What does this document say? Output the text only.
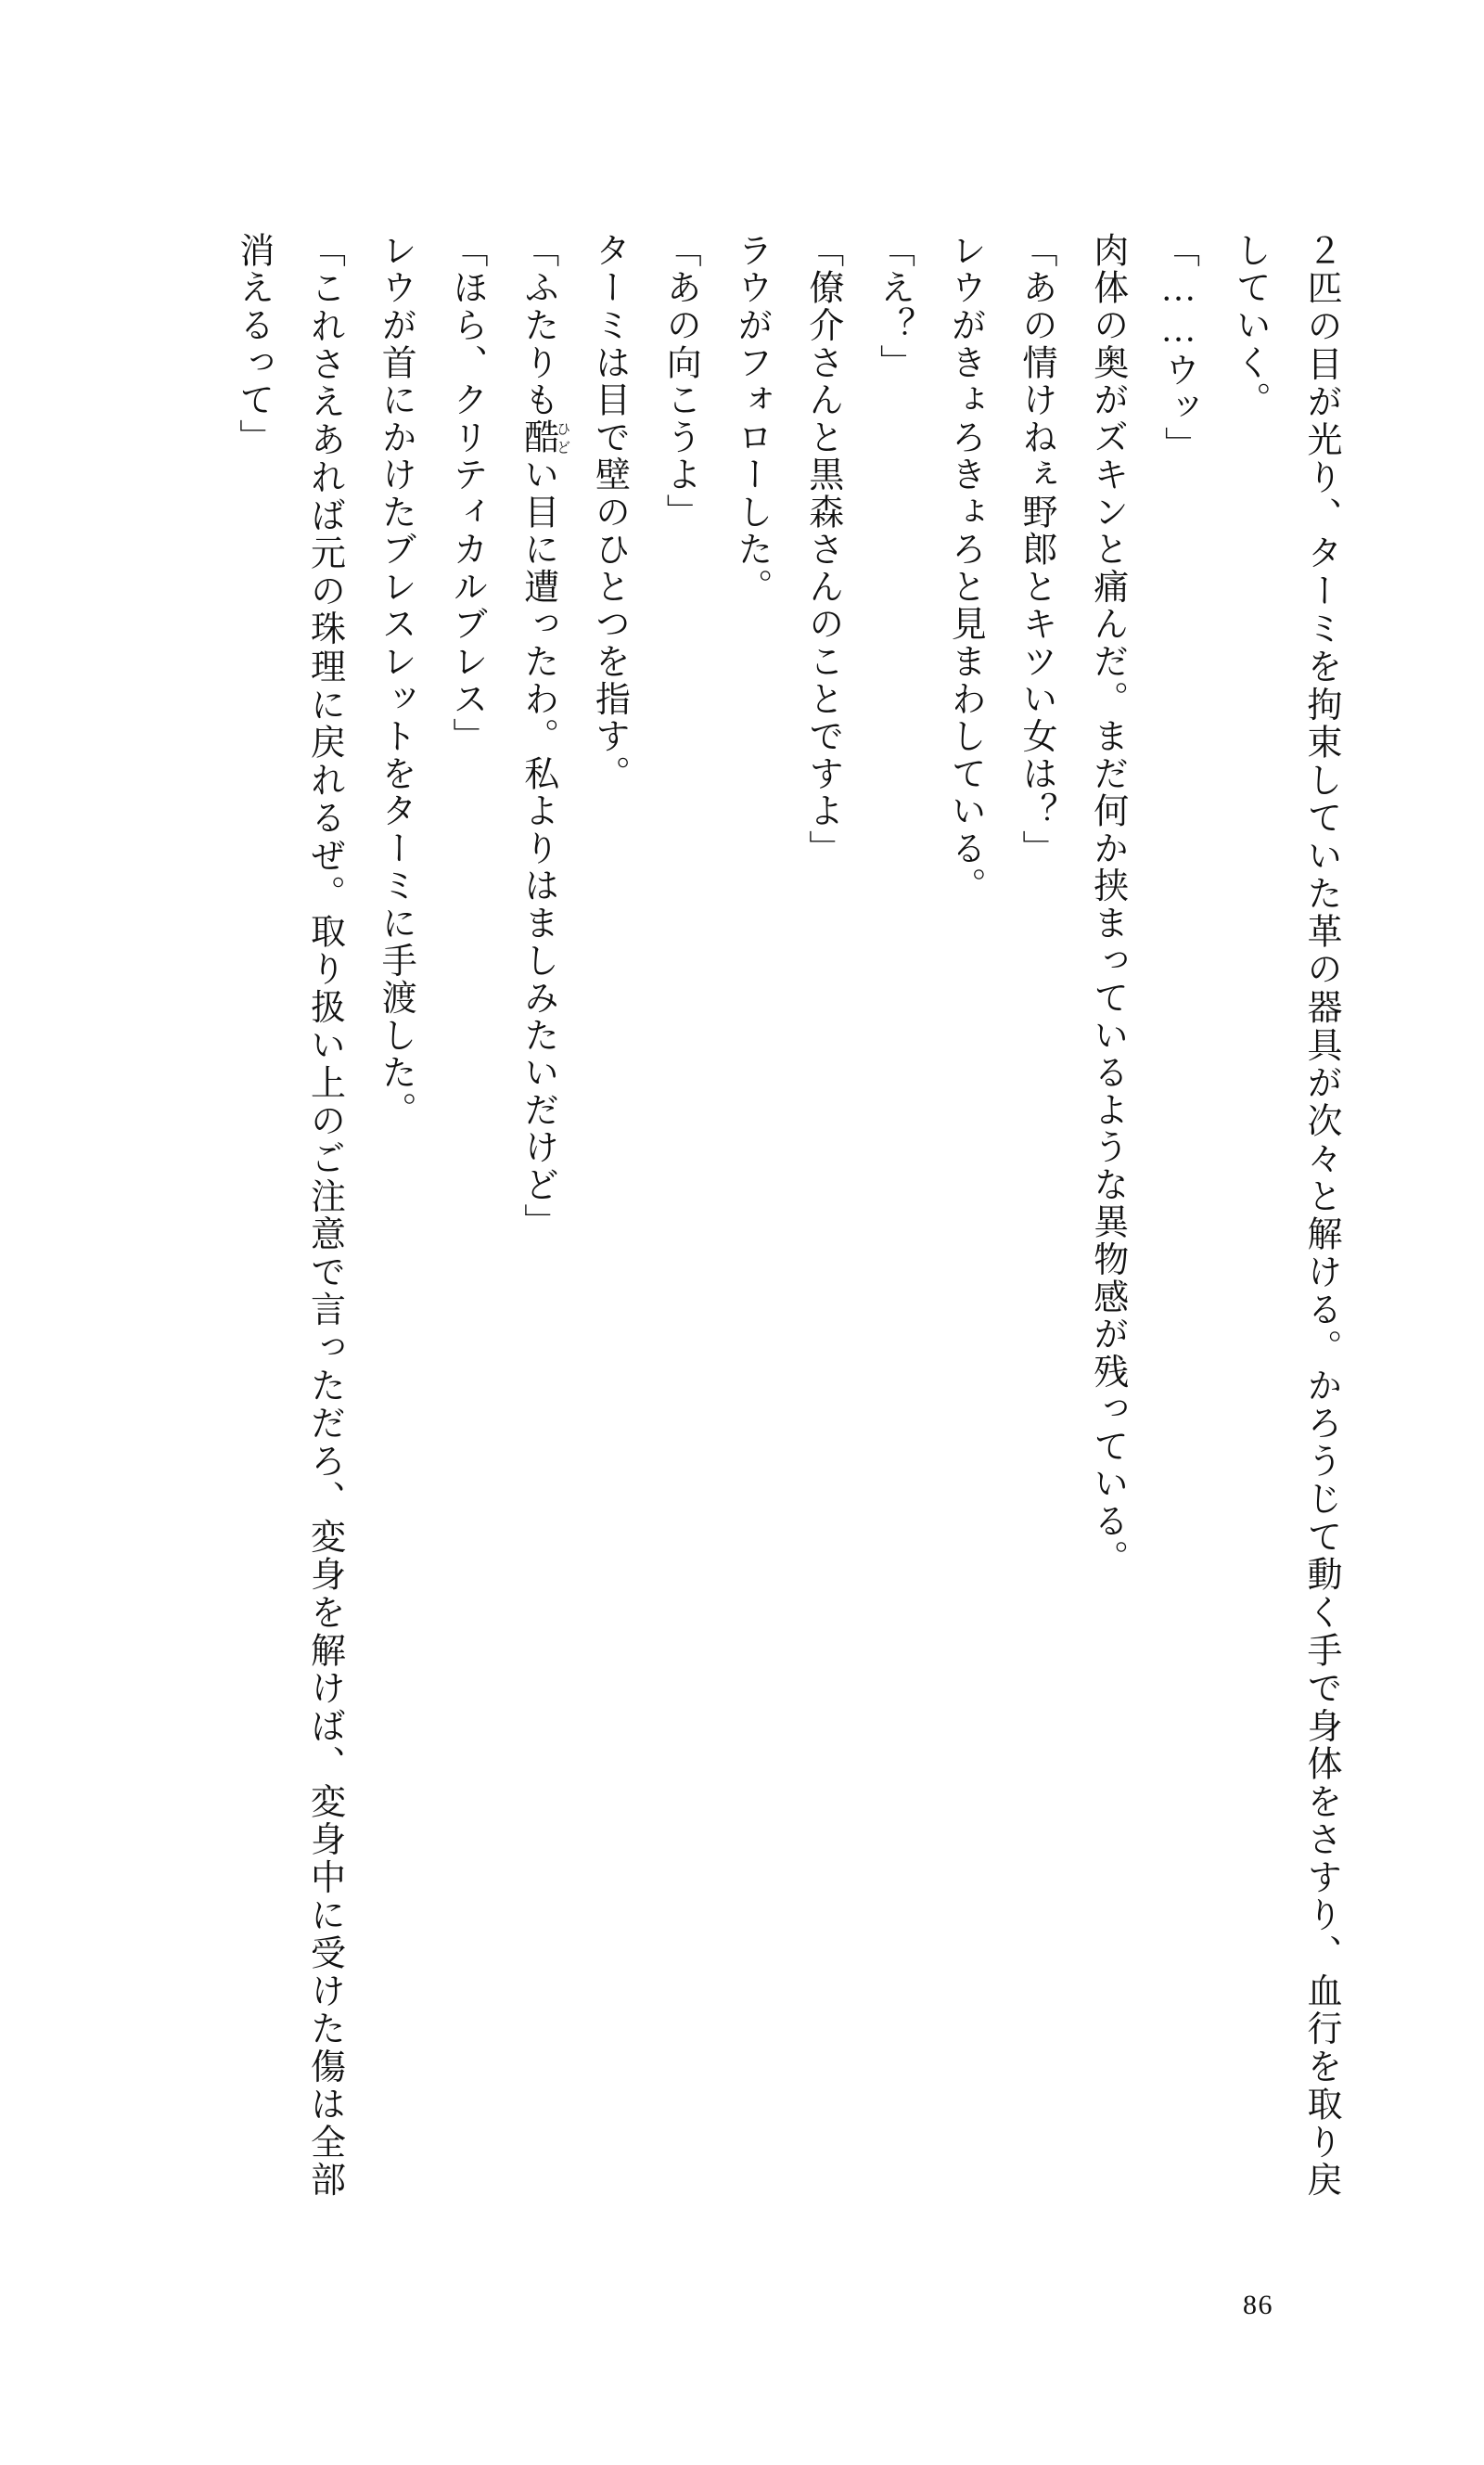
２匹の目が光り、ターミを拘束していた革の器具が次々と解ける。かろうじて動く手で身体をさすり、血行を取り戻していく。

「……ウッ」

肉体の奥がズキンと痛んだ。まだ何か挟まっているような異物感が残っている。

「あの情けねぇ野郎とキツい女は？」

レウがきょろきょろと見まわしている。

「え？」

「僚介さんと黒森さんのことですよ」

ラウがフォローした。

「あの向こうよ」

ターミは目で壁のひとつを指す。

「ふたりも酷ひどい目に遭ったわ。私よりはましみたいだけど」

「ほら、クリティカルブレス」

レウが首にかけたブレスレットをターミに手渡した。

「これさえあれば元の珠理に戻れるぜ。取り扱い上のご注意で言っただろ、変身を解けば、変身中に受けた傷は全部消えるって」

86
